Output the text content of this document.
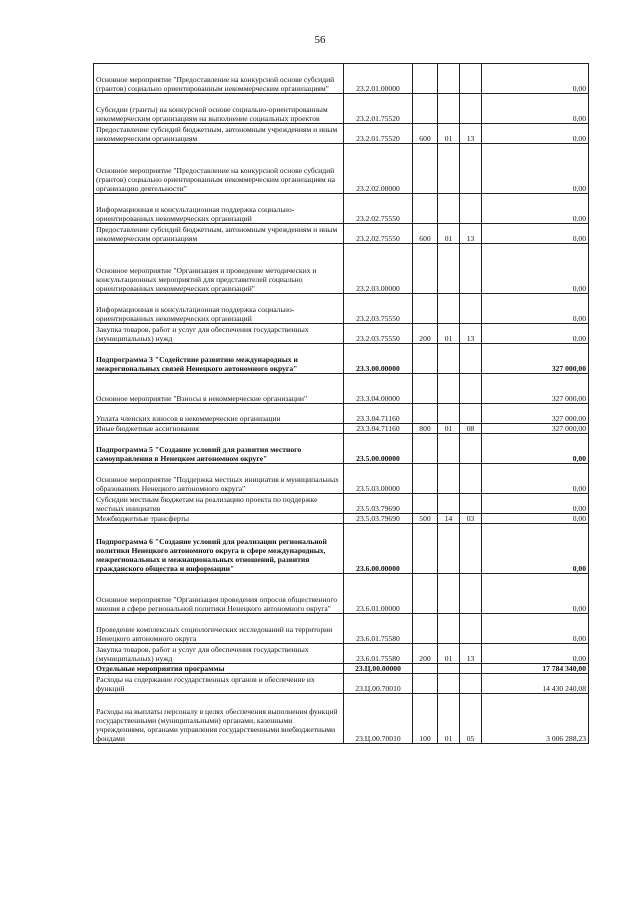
56
Основное мероприятие "Предоставление на конкурсной основе субсидий (грантов) социально ориентированным некоммерческим организациям"	23.2.01.00000				0,00
Субсидии (гранты) на конкурсной основе социально-ориентированным некоммерческим организациям на выполнение социальных проектов	23.2.01.75520				0,00
Предоставление субсидий бюджетным, автономным учреждениям и иным некоммерческим организациям	23.2.01.75520	600	01	13	0,00
Основное мероприятие "Предоставление на конкурсной основе субсидий (грантов) социально ориентированным некоммерческим организациям на организацию деятельности"	23.2.02.00000				0,00
Информационная и консультационная поддержка социально-ориентированных некоммерческих организаций	23.2.02.75550				0,00
Предоставление субсидий бюджетным, автономным учреждениям и иным некоммерческим организациям	23.2.02.75550	600	01	13	0,00
Основное мероприятие "Организация и проведение методических и консультационных мероприятий для представителей социально ориентированных некоммерческих организаций"	23.2.03.00000				0,00
Информационная и консультационная поддержка социально-ориентированных некоммерческих организаций	23.2.03.75550				0,00
Закупка товаров, работ и услуг для обеспечения государственных (муниципальных) нужд	23.2.03.75550	200	01	13	0,00
Подпрограмма 3 "Содействие развитию международных и межрегиональных связей Ненецкого автономного округа"	23.3.00.00000				327 000,00
Основное мероприятие "Взносы в некоммерческие организации"	23.3.04.00000				327 000,00
Уплата членских взносов в некоммерческие организации	23.3.04.71160				327 000,00
Иные бюджетные ассигнования	23.3.04.71160	800	01	08	327 000,00
Подпрограмма 5 "Создание условий для развития местного самоуправления в Ненецком автономном округе"	23.5.00.00000				0,00
Основное мероприятие "Поддержка местных инициатив в муниципальных образованиях Ненецкого автономного округа"	23.5.03.00000				0,00
Субсидии местным бюджетам на реализацию проекта по поддержке местных инициатив	23.5.03.79690				0,00
Межбюджетные трансферты	23.5.03.79690	500	14	03	0,00
Подпрограмма 6 "Создание условий для реализации региональной политики Ненецкого автономного округа в сфере международных, межрегиональных и межнациональных отношений, развития гражданского общества и информации"	23.6.00.00000				0,00
Основное мероприятие "Организация проведения опросов общественного мнения в сфере региональной политики Ненецкого автономного округа"	23.6.01.00000				0,00
Проведение комплексных социологических исследований на территории Ненецкого автономного округа	23.6.01.75580				0,00
Закупка товаров, работ и услуг для обеспечения государственных (муниципальных) нужд	23.6.01.75580	200	01	13	0,00
Отдельные мероприятия программы	23.Ц.00.00000				17 784 340,00
Расходы на содержание государственных органов и обеспечение их функций	23.Ц.00.70010				14 430 240,08
Расходы на выплаты персоналу в целях обеспечения выполнения функций государственными (муниципальными) органами, казенными учреждениями, органами управления государственными внебюджетными фондами	23.Ц.00.70010	100	01	05	3 006 288,23
